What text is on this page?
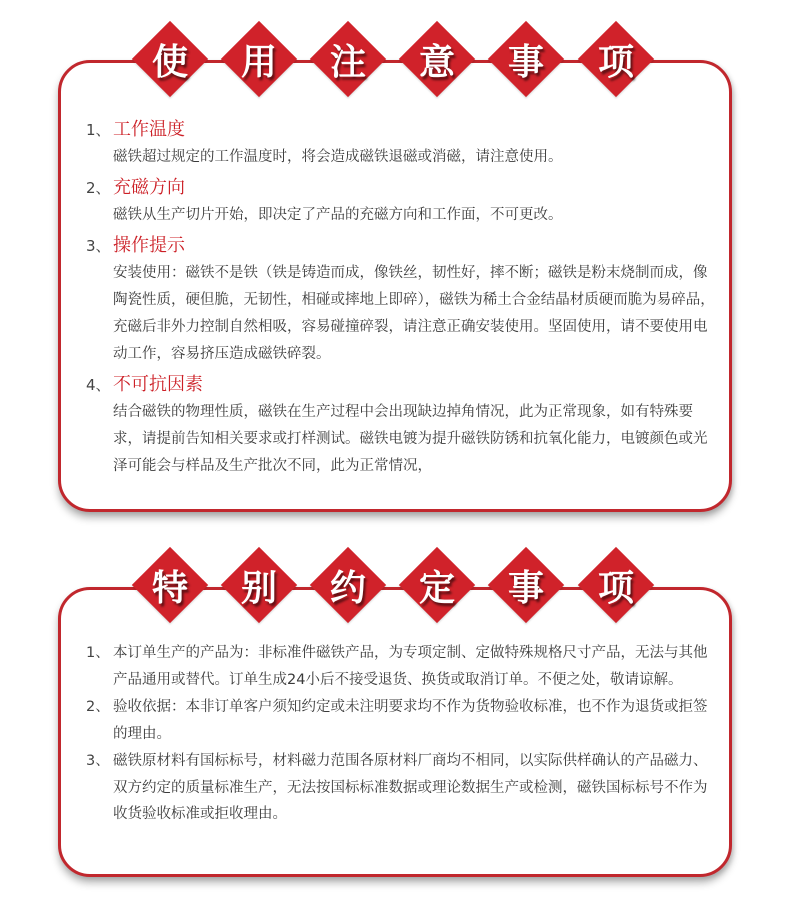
使	用	注	意	事	项
1、 工作温度
磁铁超过规定的工作温度时，将会造成磁铁退磁或消磁，请注意使用。
2、 充磁方向
磁铁从生产切片开始，即决定了产品的充磁方向和工作面，不可更改。
3、 操作提示
安装使用：磁铁不是铁（铁是铸造而成，像铁丝，韧性好，摔不断；磁铁是粉末烧制而成，像陶瓷性质，硬但脆，无韧性，相碰或摔地上即碎），磁铁为稀土合金结晶材质硬而脆为易碎品，充磁后非外力控制自然相吸，容易碰撞碎裂，请注意正确安装使用。坚固使用，请不要使用电动工作，容易挤压造成磁铁碎裂。
4、 不可抗因素
结合磁铁的物理性质，磁铁在生产过程中会出现缺边掉角情况，此为正常现象，如有特殊要求，请提前告知相关要求或打样测试。磁铁电镀为提升磁铁防锈和抗氧化能力，电镀颜色或光泽可能会与样品及生产批次不同，此为正常情况，
特	别	约	定	事	项
1、 本订单生产的产品为：非标准件磁铁产品，为专项定制、定做特殊规格尺寸产品，无法与其他产品通用或替代。订单生成24小后不接受退货、换货或取消订单。不便之处，敬请谅解。
2、 验收依据：本非订单客户须知约定或未注明要求均不作为货物验收标准，也不作为退货或拒签的理由。
3、 磁铁原材料有国标标号，材料磁力范围各原材料厂商均不相同，以实际供样确认的产品磁力、双方约定的质量标准生产，无法按国标标准数据或理论数据生产或检测，磁铁国标标号不作为收货验收标准或拒收理由。
